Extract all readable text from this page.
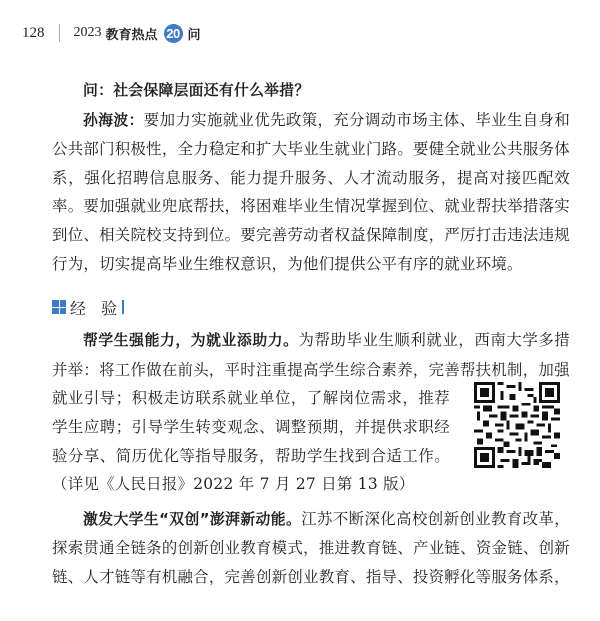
128 2023 教育热点 20 问

问：社会保障层面还有什么举措？

孙海波：要加力实施就业优先政策，充分调动市场主体、毕业生自身和公共部门积极性，全力稳定和扩大毕业生就业门路。要健全就业公共服务体系，强化招聘信息服务、能力提升服务、人才流动服务，提高对接匹配效率。要加强就业兜底帮扶，将困难毕业生情况掌握到位、就业帮扶举措落实到位、相关院校支持到位。要完善劳动者权益保障制度，严厉打击违法违规行为，切实提高毕业生维权意识，为他们提供公平有序的就业环境。

经 验

帮学生强能力，为就业添助力。为帮助毕业生顺利就业，西南大学多措并举：将工作做在前头，平时注重提高学生综合素养，完善帮扶机制，加强

就业引导；积极走访联系就业单位，了解岗位需求，推荐学生应聘；引导学生转变观念、调整预期，并提供求职经验分享、简历优化等指导服务，帮助学生找到合适工作。（详见《人民日报》2022 年 7 月 27 日第 13 版）

激发大学生“双创”澎湃新动能。江苏不断深化高校创新创业教育改革，探索贯通全链条的创新创业教育模式，推进教育链、产业链、资金链、创新链、人才链等有机融合，完善创新创业教育、指导、投资孵化等服务体系，
